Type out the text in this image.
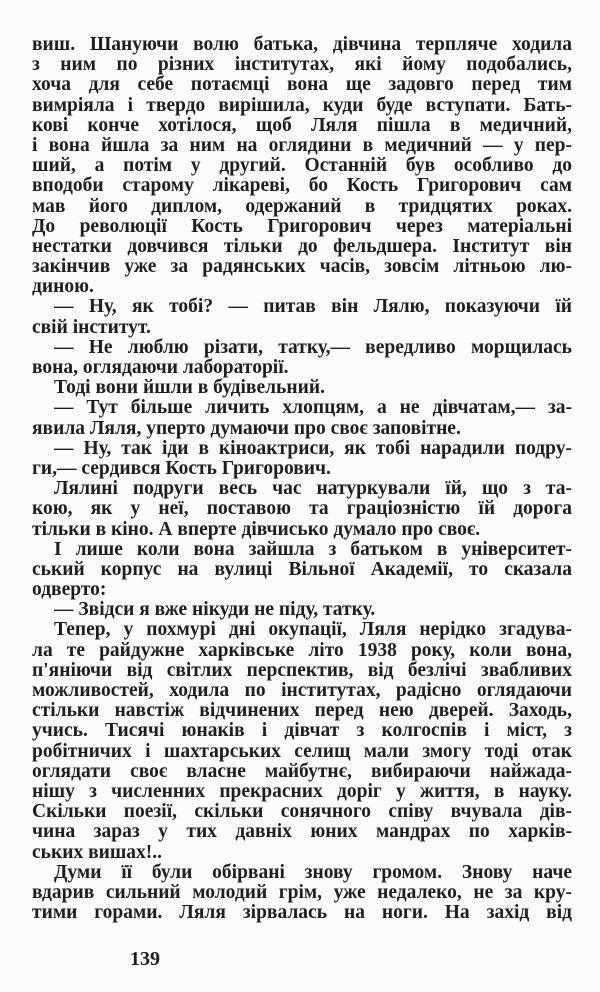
виш. Шануючи волю батька, дівчина терпляче ходила
з ним по різних інститутах, які йому подобались,
хоча для себе потаємці вона ще задовго перед тим
вимріяла і твердо вирішила, куди буде вступати. Бать-
кові конче хотілося, щоб Ляля пішла в медичний,
і вона йшла за ним на оглядини в медичний — у пер-
ший, а потім у другий. Останній був особливо до
вподоби старому лікареві, бо Кость Григорович сам
мав його диплом, одержаний в тридцятих роках.
До революції Кость Григорович через матеріальні
нестатки довчився тільки до фельдшера. Інститут він
закінчив уже за радянських часів, зовсім літньою лю-
диною.
— Ну, як тобі? — питав він Лялю, показуючи їй
свій інститут.
— Не люблю різати, татку,— вередливо морщилась
вона, оглядаючи лабораторії.
Тоді вони йшли в будівельний.
— Тут більше личить хлопцям, а не дівчатам,— за-
явила Ляля, уперто думаючи про своє заповітне.
— Ну, так іди в кіноактриси, як тобі нарадили подру-
ги,— сердився Кость Григорович.
Лялині подруги весь час натуркували їй, що з та-
кою, як у неї, поставою та граціозністю їй дорога
тільки в кіно. А вперте дівчисько думало про своє.
І лише коли вона зайшла з батьком в університет-
ський корпус на вулиці Вільної Академії, то сказала
одверто:
— Звідси я вже нікуди не піду, татку.
Тепер, у похмурі дні окупації, Ляля нерідко згадува-
ла те райдужне харківське літо 1938 року, коли вона,
п'яніючи від світлих перспектив, від безлічі звабливих
можливостей, ходила по інститутах, радісно оглядаючи
стільки навстіж відчинених перед нею дверей. Заходь,
учись. Тисячі юнаків і дівчат з колгоспів і міст, з
робітничих і шахтарських селищ мали змогу тоді отак
оглядати своє власне майбутнє, вибираючи найжада-
нішу з численних прекрасних доріг у життя, в науку.
Скільки поезії, скільки сонячного співу вчувала дів-
чина зараз у тих давніх юних мандрах по харків-
ських вишах!..
Думи її були обірвані знову громом. Знову наче
вдарив сильний молодий грім, уже недалеко, не за кру-
тими горами. Ляля зірвалась на ноги. На захід від
139
